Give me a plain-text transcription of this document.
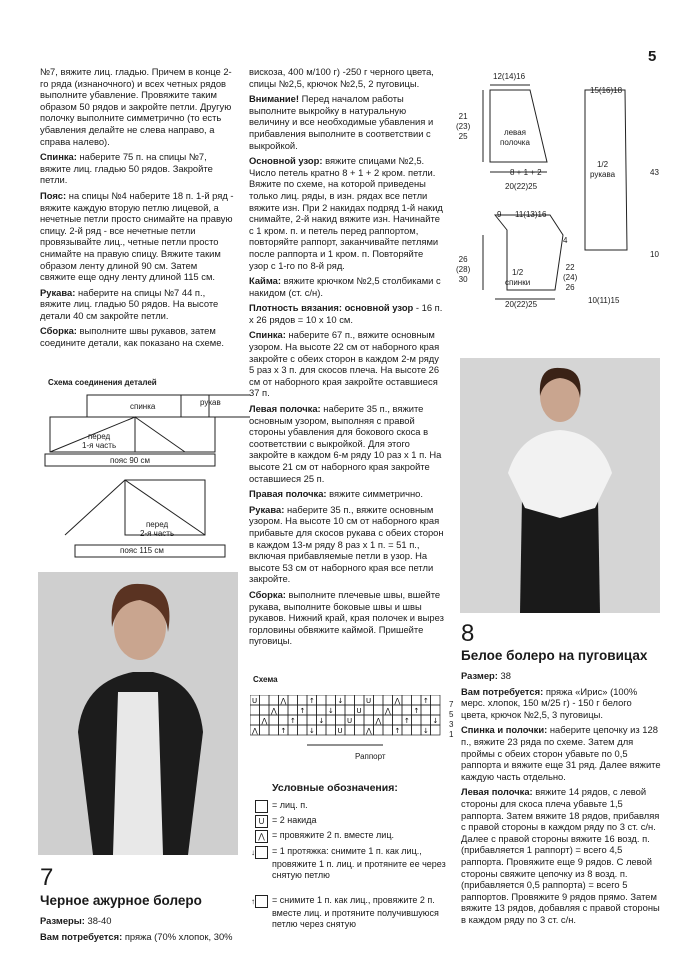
5

№7, вяжите лиц. гладью. Причем в конце 2-го ряда (изнаночного) и всех четных рядов выполните убавление. Провяжите таким образом 50 рядов и закройте петли. Другую полочку выполните симметрично (то есть убавления делайте не слева направо, а справа налево).

Спинка: наберите 75 п. на спицы №7, вяжите лиц. гладью 50 рядов. Закройте петли.

Пояс: на спицы №4 наберите 18 п. 1-й ряд - вяжите каждую вторую петлю лицевой, а нечетные петли просто снимайте на правую спицу. 2-й ряд - все нечетные петли провязывайте лиц., четные петли просто снимайте на правую спицу. Вяжите таким образом ленту длиной 90 см. Затем свяжите еще одну ленту длиной 115 см.

Рукава: наберите на спицы №7 44 п., вяжите лиц. гладью 50 рядов. На высоте детали 40 см закройте петли.

Сборка: выполните швы рукавов, затем соедините детали, как показано на схеме.

Схема соединения деталей
спинка	рукав
перед
1-я часть
пояс 90 см
перед
2-я часть
пояс 115 см
7
Черное ажурное болеро

Размеры: 38-40

Вам потребуется: пряжа (70% хлопок, 30%

вискоза, 400 м/100 г) -250 г черного цвета, спицы №2,5, крючок №2,5, 2 пуговицы.

Внимание! Перед началом работы выполните выкройку в натуральную величину и все необходимые убавления и прибавления выполните в соответствии с выкройкой.

Основной узор: вяжите спицами №2,5. Число петель кратно 8 + 1 + 2 кром. петли. Вяжите по схеме, на которой приведены только лиц. ряды, в изн. рядах все петли вяжите изн. При 2 накидах подряд 1-й накид снимайте, 2-й накид вяжите изн. Начинайте с 1 кром. п. и петель перед раппортом, повторяйте раппорт, заканчивайте петлями после раппорта и 1 кром. п. Повторяйте узор с 1-го по 8-й ряд.

Кайма: вяжите крючком №2,5 столбиками с накидом (ст. с/н).

Плотность вязания: основной узор - 16 п. х 26 рядов = 10 х 10 см.

Спинка: наберите 67 п., вяжите основным узором. На высоте 22 см от наборного края закройте с обеих сторон в каждом 2-м ряду 5 раз х 3 п. для скосов плеча. На высоте 26 см от наборного края закройте оставшиеся 37 п.

Левая полочка: наберите 35 п., вяжите основным узором, выполняя с правой стороны убавления для бокового скоса в соответствии с выкройкой. Для этого закройте в каждом 6-м ряду 10 раз х 1 п. На высоте 21 см от наборного края закройте оставшиеся 25 п.

Правая полочка: вяжите симметрично.

Рукава: наберите 35 п., вяжите основным узором. На высоте 10 см от наборного края прибавьте для скосов рукава с обеих сторон в каждом 13-м ряду 8 раз х 1 п. = 51 п., включая прибавляемые петли в узор. На высоте 53 см от наборного края все петли закройте.

Сборка: выполните плечевые швы, вшейте рукава, выполните боковые швы и швы рукавов. Нижний край, края полочек и вырез горловины обвяжите каймой. Пришейте пуговицы.

Схема
U	⋀	↑	↓	U	⋀	↑
⋀	↑	↓	U	⋀	↑
⋀	↑	↓	U	⋀	↑	↓
⋀	↑	↓	U	⋀	↑	↓
7
5
3
1
Раппорт
Условные обозначения:
= лиц. п.
U = 2 накида
⋀ = провяжите 2 п. вместе лиц.
↓ = 1 протяжка: снимите 1 п. как лиц., провяжите 1 п. лиц. и протяните ее через снятую петлю
↑ = снимите 1 п. как лиц., провяжите 2 п. вместе лиц. и протяните получившуюся петлю через снятую
12(14)16
21
(23)
25	левая
полочка
8 + 1 + 2
20(22)25
15(16)18
1/2
рукава	43
10
10(11)15
9 11(13)16
26
(28)
30
1/2
спинки
4
22
(24)
26
20(22)25
8
Белое болеро на пуговицах

Размер: 38

Вам потребуется: пряжа «Ирис» (100% мерс. хлопок, 150 м/25 г) - 150 г белого цвета, крючок №2,5, 3 пуговицы.

Спинка и полочки: наберите цепочку из 128 п., вяжите 23 ряда по схеме. Затем для проймы с обеих сторон убавьте по 0,5 раппорта и вяжите еще 31 ряд. Далее вяжите каждую часть отдельно.

Левая полочка: вяжите 14 рядов, с левой стороны для скоса плеча убавьте 1,5 раппорта. Затем вяжите 18 рядов, прибавляя с правой стороны в каждом ряду по 3 ст. с/н. Далее с правой стороны вяжите 16 возд. п. (прибавляется 1 раппорт) = всего 4,5 раппорта. Провяжите еще 9 рядов. С левой стороны свяжите цепочку из 8 возд. п. (прибавляется 0,5 раппорта) = всего 5 раппортов. Провяжите 9 рядов прямо. Затем вяжите 13 рядов, добавляя с правой стороны в каждом ряду по 3 ст. с/н.
